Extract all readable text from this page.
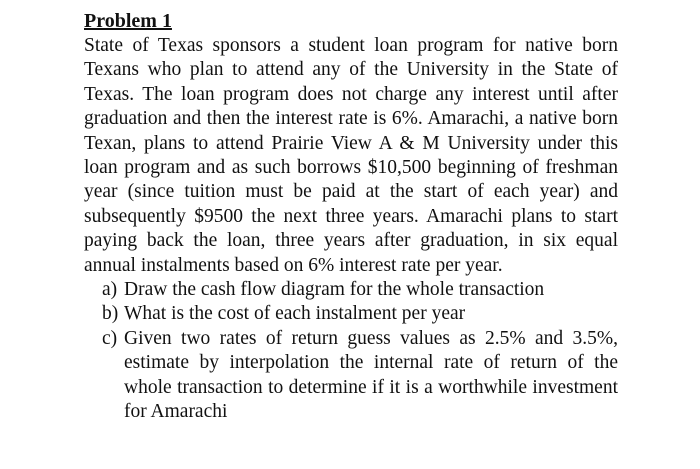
Problem 1

State of Texas sponsors a student loan program for native born Texans who plan to attend any of the University in the State of Texas. The loan program does not charge any interest until after graduation and then the interest rate is 6%. Amarachi, a native born Texan, plans to attend Prairie View A & M University under this loan program and as such borrows $10,500 beginning of freshman year (since tuition must be paid at the start of each year) and subsequently $9500 the next three years. Amarachi plans to start paying back the loan, three years after graduation, in six equal annual instalments based on 6% interest rate per year.

a) Draw the cash flow diagram for the whole transaction
b) What is the cost of each instalment per year
c) Given two rates of return guess values as 2.5% and 3.5%, estimate by interpolation the internal rate of return of the whole transaction to determine if it is a worthwhile investment for Amarachi
